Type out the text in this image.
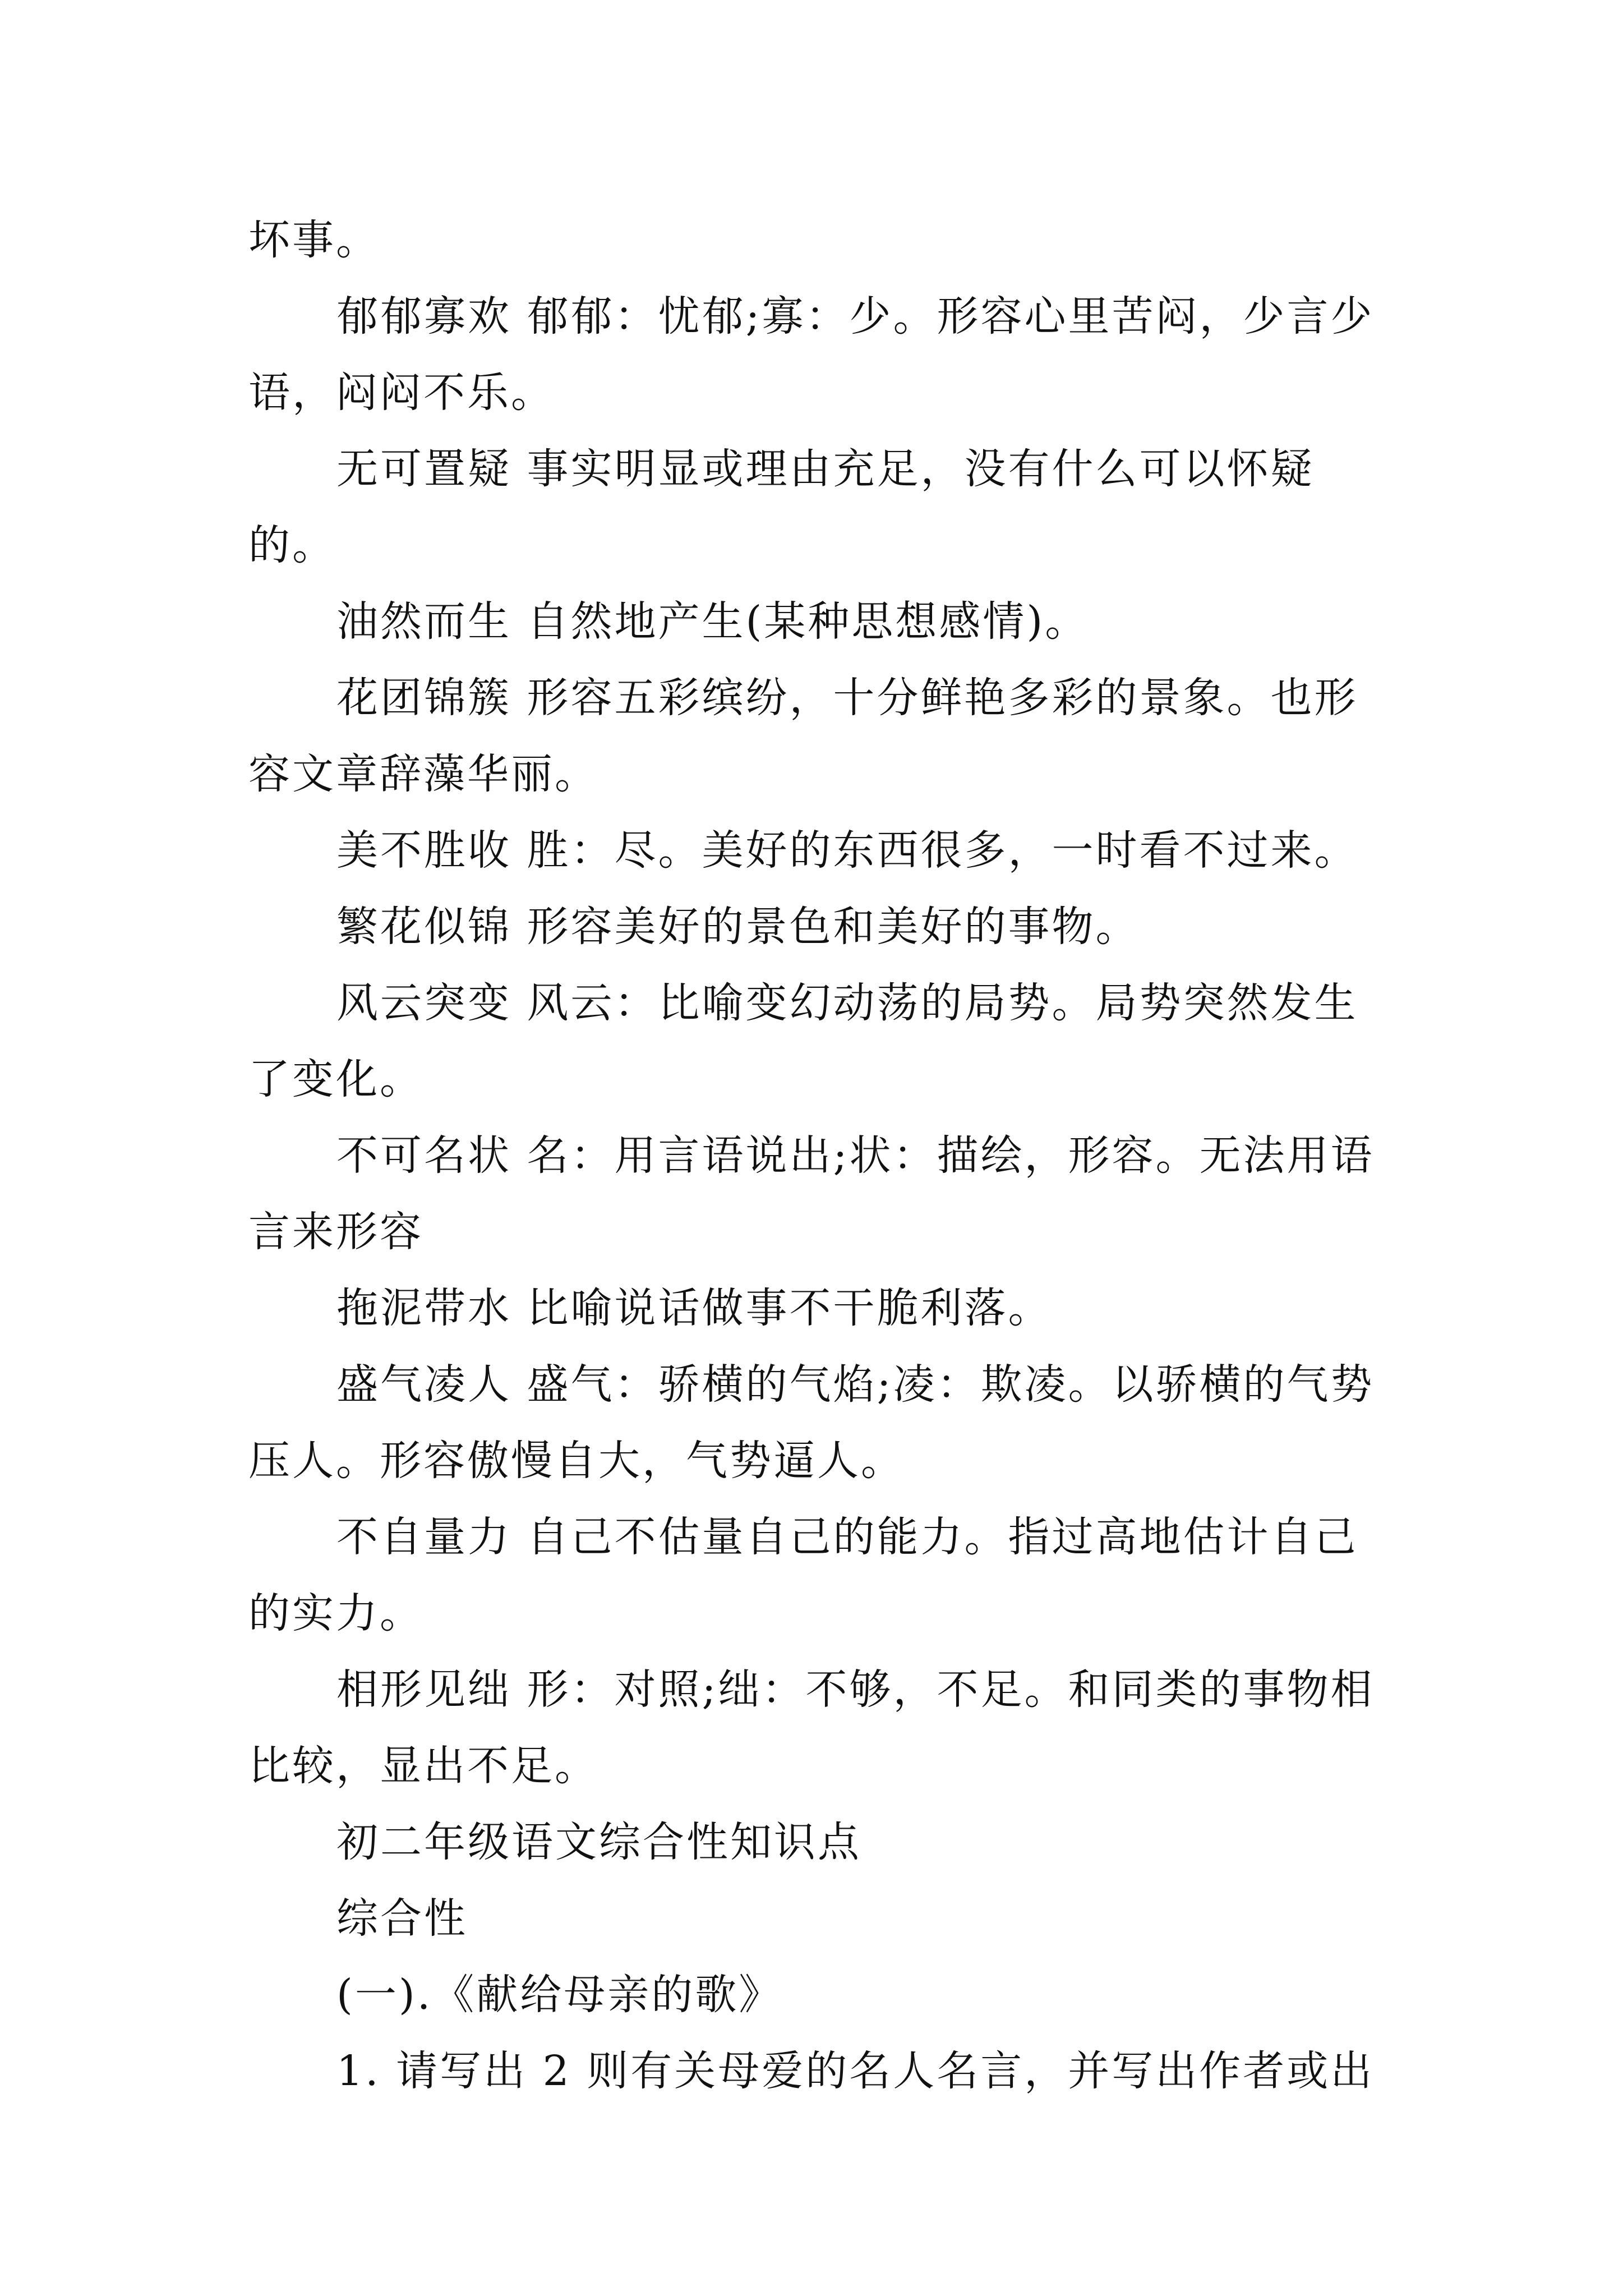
坏事。

郁郁寡欢 郁郁：忧郁;寡：少。形容心里苦闷，少言少语，闷闷不乐。

无可置疑 事实明显或理由充足，没有什么可以怀疑的。

油然而生 自然地产生(某种思想感情)。

花团锦簇 形容五彩缤纷，十分鲜艳多彩的景象。也形容文章辞藻华丽。

美不胜收 胜：尽。美好的东西很多，一时看不过来。

繁花似锦 形容美好的景色和美好的事物。

风云突变 风云：比喻变幻动荡的局势。局势突然发生了变化。

不可名状 名：用言语说出;状：描绘，形容。无法用语言来形容

拖泥带水 比喻说话做事不干脆利落。

盛气凌人 盛气：骄横的气焰;凌：欺凌。以骄横的气势压人。形容傲慢自大，气势逼人。

不自量力 自己不估量自己的能力。指过高地估计自己的实力。

相形见绌 形：对照;绌：不够，不足。和同类的事物相比较，显出不足。

初二年级语文综合性知识点

综合性

(一).《献给母亲的歌》

1. 请写出 2 则有关母爱的名人名言，并写出作者或出
